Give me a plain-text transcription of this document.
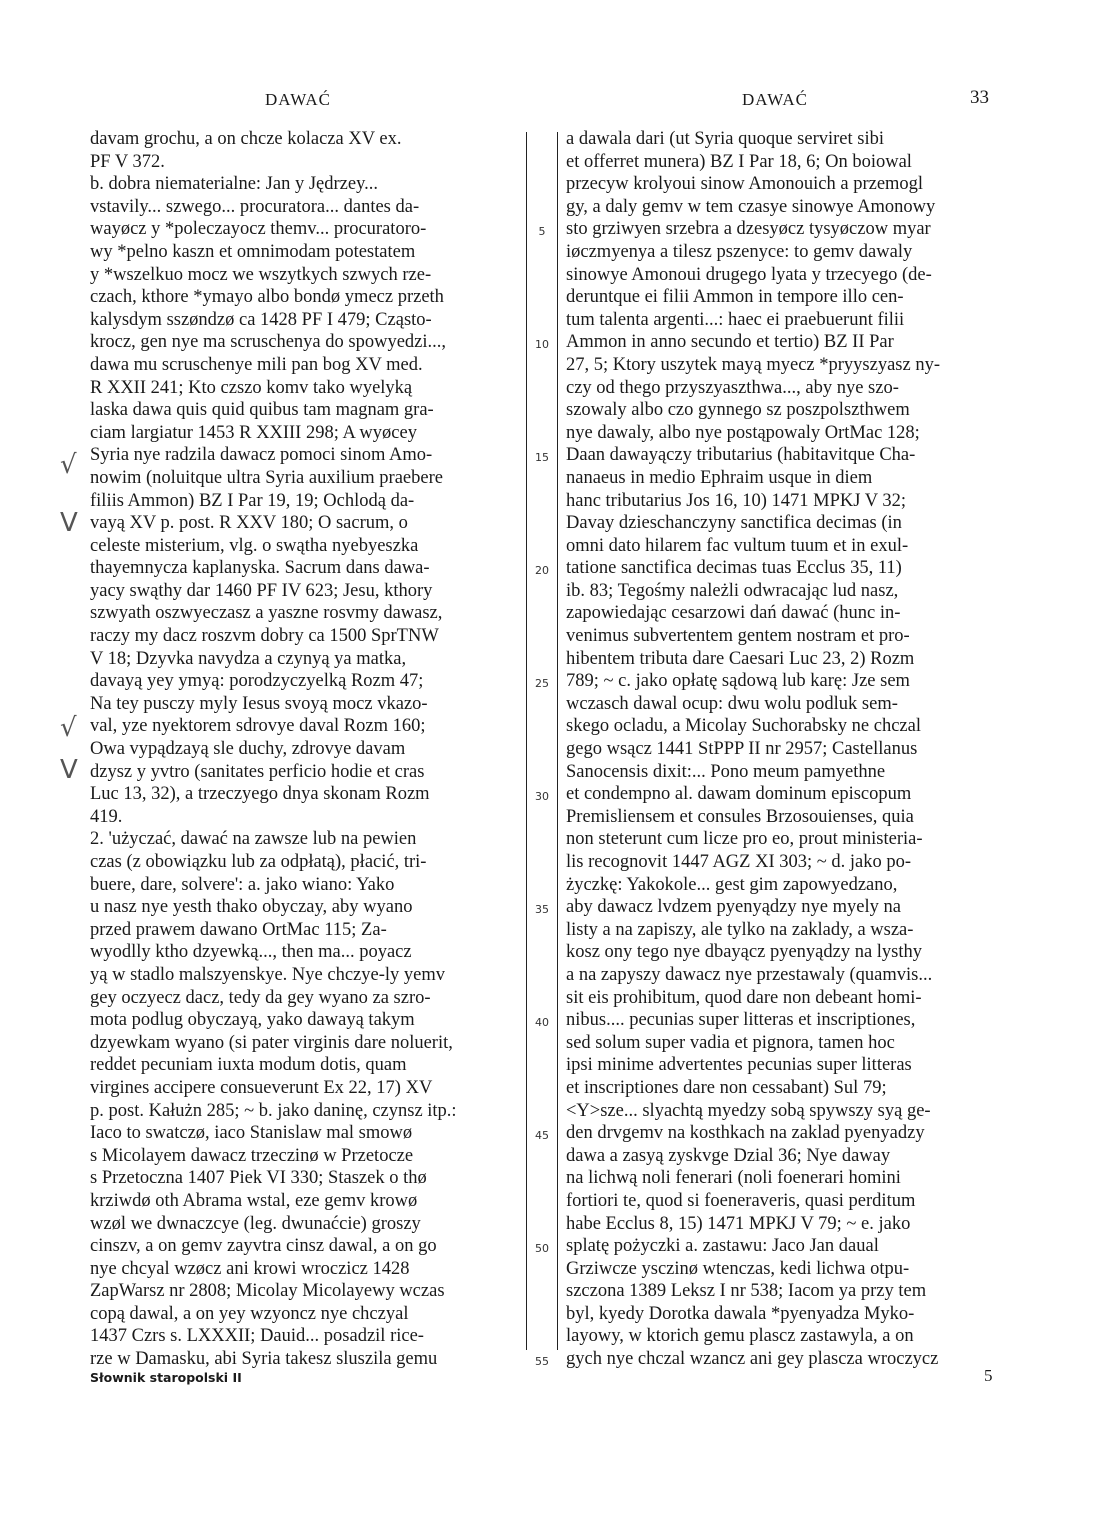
DAWAĆ	DAWAĆ	33
davam grochu, a on chcze kolacza XV ex.
PF V 372.
b. dobra niematerialne: Jan y Jędrzey...
vstavily... szwego... procuratora... dantes da-
wayøcz y *poleczayocz themv... procuratoro-
wy *pelno kaszn et omnimodam potestatem
y *wszelkuo mocz we wszytkych szwych rze-
czach, kthore *ymayo albo bondø ymecz przeth
kalysdym sszøndzø ca 1428 PF I 479; Cząsto-
krocz, gen nye ma scruschenya do spowyedzi...,
dawa mu scruschenye mili pan bog XV med.
R XXII 241; Kto czszo komv tako wyelyką
laska dawa quis quid quibus tam magnam gra-
ciam largiatur 1453 R XXIII 298; A wyøcey
Syria nye radzila dawacz pomoci sinom Amo-
nowim (noluitque ultra Syria auxilium praebere
filiis Ammon) BZ I Par 19, 19; Ochlodą da-
vayą XV p. post. R XXV 180; O sacrum, o
celeste misterium, vlg. o swątha nyebyeszka
thayemnycza kaplanyska. Sacrum dans dawa-
yacy swąthy dar 1460 PF IV 623; Jesu, kthory
szwyath oszwyeczasz a yaszne rosvmy dawasz,
raczy my dacz roszvm dobry ca 1500 SprTNW
V 18; Dzyvka navydza a czynyą ya matka,
davayą yey ymyą: porodzyczyelką Rozm 47;
Na tey pusczy myly Iesus svoyą mocz vkazo-
val, yze nyektorem sdrovye daval Rozm 160;
Owa vypądzayą sle duchy, zdrovye davam
dzysz y yvtro (sanitates perficio hodie et cras
Luc 13, 32), a trzeczyego dnya skonam Rozm
419.
2. 'użyczać, dawać na zawsze lub na pewien
czas (z obowiązku lub za odpłatą), płacić, tri-
buere, dare, solvere': a. jako wiano: Yako
u nasz nye yesth thako obyczay, aby wyano
przed prawem dawano OrtMac 115; Za-
wyodlly ktho dzyewką..., then ma... poyacz
yą w stadlo malszyenskye. Nye chczye-ly yemv
gey oczyecz dacz, tedy da gey wyano za szro-
mota podlug obyczayą, yako dawayą takym
dzyewkam wyano (si pater virginis dare noluerit,
reddet pecuniam iuxta modum dotis, quam
virgines accipere consueverunt Ex 22, 17) XV
p. post. Kałużn 285; ~ b. jako daninę, czynsz itp.:
Iaco to swatczø, iaco Stanislaw mal smowø
s Micolayem dawacz trzeczinø w Przetocze
s Przetoczna 1407 Piek VI 330; Staszek o thø
krziwdø oth Abrama wstal, eze gemv krowø
wzøl we dwnaczcye (leg. dwunaćcie) groszy
cinszv, a on gemv zayvtra cinsz dawal, a on go
nye chcyal wzøcz ani krowi wroczicz 1428
ZapWarsz nr 2808; Micolay Micolayewy wczas
copą dawal, a on yey wzyoncz nye chczyal
1437 Czrs s. LXXXII; Dauid... posadzil rice-
rze w Damasku, abi Syria takesz sluszila gemu
5
10
15
20
25
30
35
40
45
50
55
a dawala dari (ut Syria quoque serviret sibi
et offerret munera) BZ I Par 18, 6; On boiowal
przecyw krolyoui sinow Amonouich a przemogl
gy, a daly gemv w tem czasye sinowye Amonowy
sto grziwyen srzebra a dzesyøcz tysyøczow myar
iøczmyenya a tilesz pszenyce: to gemv dawaly
sinowye Amonoui drugego lyata y trzecyego (de-
deruntque ei filii Ammon in tempore illo cen-
tum talenta argenti...: haec ei praebuerunt filii
Ammon in anno secundo et tertio) BZ II Par
27, 5; Ktory uszytek mayą myecz *pryyszyasz ny-
czy od thego przyszyaszthwa..., aby nye szo-
szowaly albo czo gynnego sz poszpolszthwem
nye dawaly, albo nye postąpowaly OrtMac 128;
Daan dawayączy tributarius (habitavitque Cha-
nanaeus in medio Ephraim usque in diem
hanc tributarius Jos 16, 10) 1471 MPKJ V 32;
Davay dzieschanczyny sanctifica decimas (in
omni dato hilarem fac vultum tuum et in exul-
tatione sanctifica decimas tuas Ecclus 35, 11)
ib. 83; Tegośmy należli odwracając lud nasz,
zapowiedając cesarzowi dań dawać (hunc in-
venimus subvertentem gentem nostram et pro-
hibentem tributa dare Caesari Luc 23, 2) Rozm
789; ~ c. jako opłatę sądową lub karę: Jze sem
wczasch dawal ocup: dwu wolu podluk sem-
skego ocladu, a Micolay Suchorabsky ne chczal
gego wsącz 1441 StPPP II nr 2957; Castellanus
Sanocensis dixit:... Pono meum pamyethne
et condempno al. dawam dominum episcopum
Premisliensem et consules Brzosouienses, quia
non steterunt cum licze pro eo, prout ministeria-
lis recognovit 1447 AGZ XI 303; ~ d. jako po-
życzkę: Yakokole... gest gim zapowyedzano,
aby dawacz lvdzem pyenyądzy nye myely na
listy a na zapiszy, ale tylko na zaklady, a wsza-
kosz ony tego nye dbayącz pyenyądzy na lysthy
a na zapyszy dawacz nye przestawaly (quamvis...
sit eis prohibitum, quod dare non debeant homi-
nibus.... pecunias super litteras et inscriptiones,
sed solum super vadia et pignora, tamen hoc
ipsi minime advertentes pecunias super litteras
et inscriptiones dare non cessabant) Sul 79;
<Y>sze... slyachtą myedzy sobą spywszy syą ge-
den drvgemv na kosthkach na zaklad pyenyadzy
dawa a zasyą zyskvge Dzial 36; Nye daway
na lichwą noli fenerari (noli foenerari homini
fortiori te, quod si foeneraveris, quasi perditum
habe Ecclus 8, 15) 1471 MPKJ V 79; ~ e. jako
splatę pożyczki a. zastawu: Jaco Jan daual
Grziwcze ysczinø wtenczas, kedi lichwa otpu-
szczona 1389 Leksz I nr 538; Iacom ya przy tem
byl, kyedy Dorotka dawala *pyenyadza Myko-
layowy, w ktorich gemu plascz zastawyla, a on
gych nye chczal wzancz ani gey plascza wroczycz
√
V
√
V
Słownik staropolski II	5
